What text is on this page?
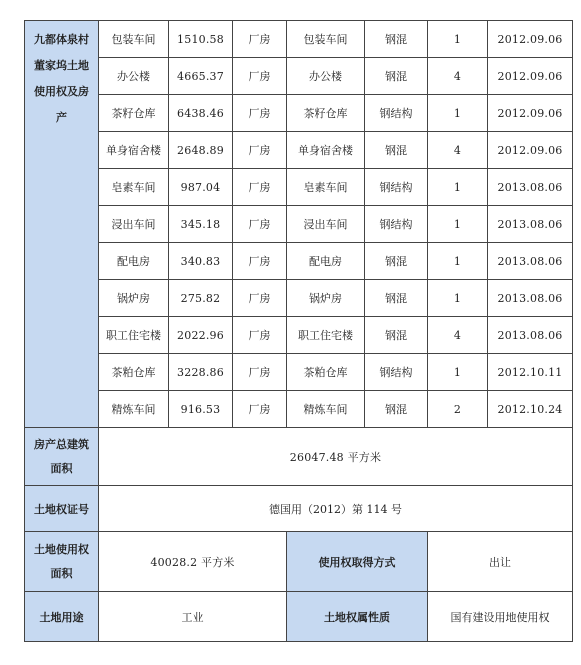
九都体泉村
董家坞土地
使用权及房
产	包装车间	1510.58	厂房	包装车间	钢混	1	2012.09.06
	办公楼	4665.37	厂房	办公楼	钢混	4	2012.09.06
	茶籽仓库	6438.46	厂房	茶籽仓库	钢结构	1	2012.09.06
	单身宿舍楼	2648.89	厂房	单身宿舍楼	钢混	4	2012.09.06
	皂素车间	987.04	厂房	皂素车间	钢结构	1	2013.08.06
	浸出车间	345.18	厂房	浸出车间	钢结构	1	2013.08.06
	配电房	340.83	厂房	配电房	钢混	1	2013.08.06
	锅炉房	275.82	厂房	锅炉房	钢混	1	2013.08.06
	职工住宅楼	2022.96	厂房	职工住宅楼	钢混	4	2013.08.06
	茶粕仓库	3228.86	厂房	茶粕仓库	钢结构	1	2012.10.11
	精炼车间	916.53	厂房	精炼车间	钢混	2	2012.10.24

房产总建筑
面积	26047.48 平方米						
土地权证号	德国用（2012）第 114 号						

土地使用权
面积	40028.2 平方米			使用权取得方式		出让	
土地用途	工业			土地权属性质		国有建设用地使用权	
